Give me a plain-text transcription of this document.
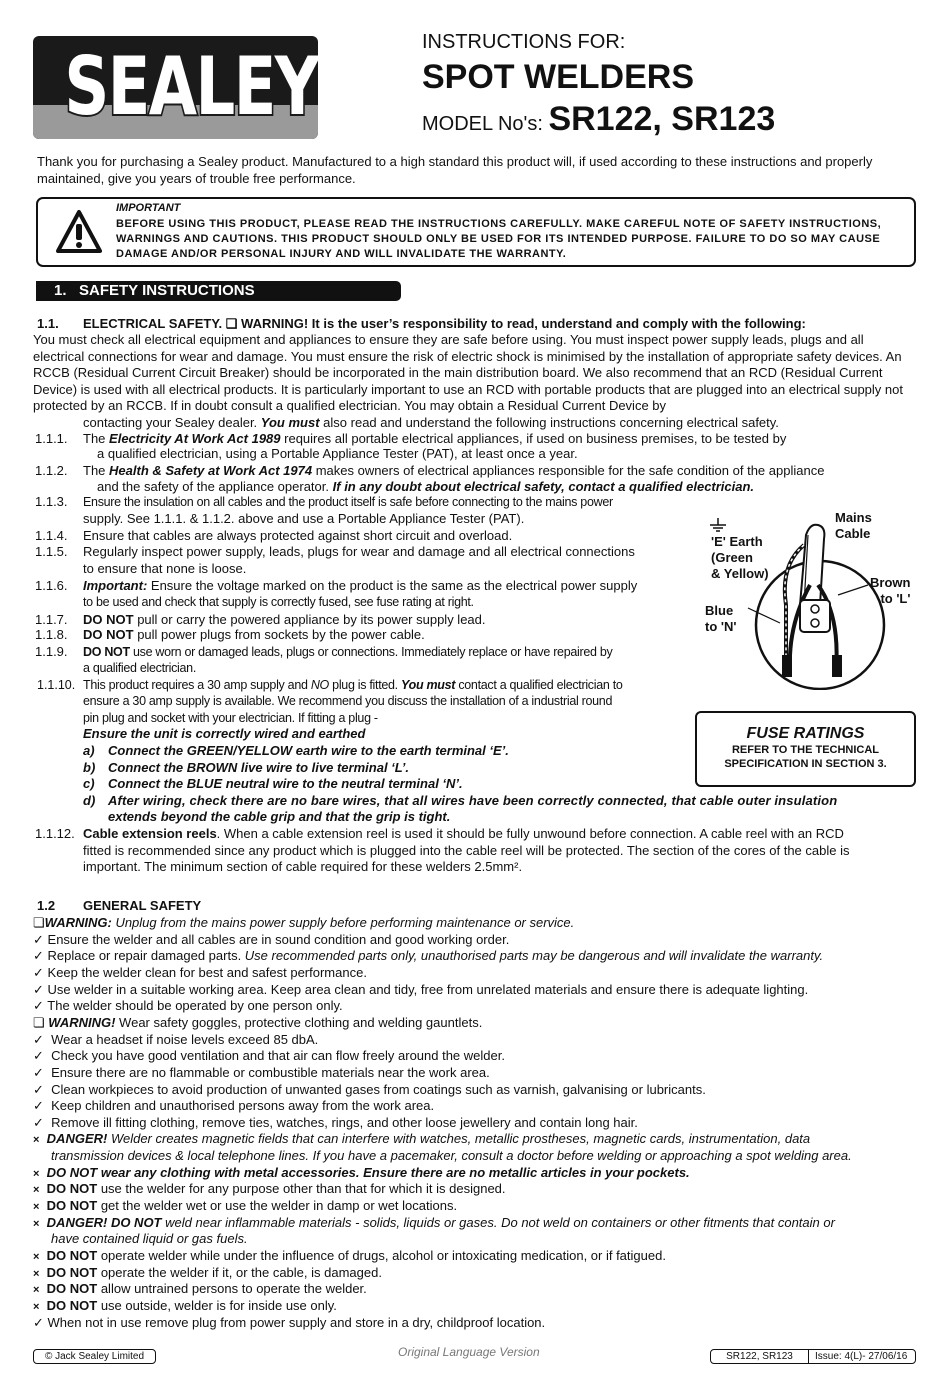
SEALEY	INSTRUCTIONS FOR:
SPOT WELDERS
MODEL No's: SR122, SR123
Thank you for purchasing a Sealey product. Manufactured to a high standard this product will, if used according to these instructions and properly maintained, give you years of trouble free performance.
IMPORTANT
BEFORE USING THIS PRODUCT, PLEASE READ THE INSTRUCTIONS CAREFULLY. MAKE CAREFUL NOTE OF SAFETY INSTRUCTIONS, WARNINGS AND CAUTIONS. THIS PRODUCT SHOULD ONLY BE USED FOR ITS INTENDED PURPOSE. FAILURE TO DO SO MAY CAUSE DAMAGE AND/OR PERSONAL INJURY AND WILL INVALIDATE THE WARRANTY.
1.   SAFETY INSTRUCTIONS
1.1. ELECTRICAL SAFETY. ❏ WARNING! It is the user’s responsibility to read, understand and comply with the following:
You must check all electrical equipment and appliances to ensure they are safe before using. You must inspect power supply leads, plugs and all electrical connections for wear and damage. You must ensure the risk of electric shock is minimised by the installation of appropriate safety devices. An RCCB (Residual Current Circuit Breaker) should be incorporated in the main distribution board. We also recommend that an RCD (Residual Current Device) is used with all electrical products. It is particularly important to use an RCD with portable products that are plugged into an electrical supply not protected by an RCCB. If in doubt consult a qualified electrician. You may obtain a Residual Current Device by
contacting your Sealey dealer. You must also read and understand the following instructions concerning electrical safety.
1.1.1. The Electricity At Work Act 1989 requires all portable electrical appliances, if used on business premises, to be tested by
a qualified electrician, using a Portable Appliance Tester (PAT), at least once a year.
1.1.2. The Health & Safety at Work Act 1974 makes owners of electrical appliances responsible for the safe condition of the appliance
and the safety of the appliance operator. If in any doubt about electrical safety, contact a qualified electrician.
1.1.3. Ensure the insulation on all cables and the product itself is safe before connecting to the mains power
supply. See 1.1.1. & 1.1.2. above and use a Portable Appliance Tester (PAT).
1.1.4. Ensure that cables are always protected against short circuit and overload.
1.1.5. Regularly inspect power supply, leads, plugs for wear and damage and all electrical connections
to ensure that none is loose.
1.1.6. Important: Ensure the voltage marked on the product is the same as the electrical power supply
to be used and check that supply is correctly fused, see fuse rating at right.
1.1.7. DO NOT pull or carry the powered appliance by its power supply lead.
1.1.8. DO NOT pull power plugs from sockets by the power cable.
1.1.9. DO NOT use worn or damaged leads, plugs or connections. Immediately replace or have repaired by
a qualified electrician.
1.1.10. This product requires a 30 amp supply and NO plug is fitted. You must contact a qualified electrician to
ensure a 30 amp supply is available. We recommend you discuss the installation of a industrial round
pin plug and socket with your electrician. If fitting a plug -
Ensure the unit is correctly wired and earthed
a) Connect the GREEN/YELLOW earth wire to the earth terminal ‘E’.
b) Connect the BROWN live wire to live terminal ‘L’.
c) Connect the BLUE neutral wire to the neutral terminal ‘N’.
d) After wiring, check there are no bare wires, that all wires have been correctly connected, that cable outer insulation
extends beyond the cable grip and that the grip is tight.
1.1.12. Cable extension reels. When a cable extension reel is used it should be fully unwound before connection. A cable reel with an RCD
fitted is recommended since any product which is plugged into the cable reel will be protected. The section of the cores of the cable is
important. The minimum section of cable required for these welders 2.5mm².
'E' Earth
(Green
& Yellow)
Mains
Cable
Brown
to 'L'
Blue
to 'N'
FUSE RATINGS
REFER TO THE TECHNICAL
SPECIFICATION IN SECTION 3.
1.2 GENERAL SAFETY
❏WARNING: Unplug from the mains power supply before performing maintenance or service.
✓ Ensure the welder and all cables are in sound condition and good working order.
✓ Replace or repair damaged parts. Use recommended parts only, unauthorised parts may be dangerous and will invalidate the warranty.
✓ Keep the welder clean for best and safest performance.
✓ Use welder in a suitable working area. Keep area clean and tidy, free from unrelated materials and ensure there is adequate lighting.
✓ The welder should be operated by one person only.
❏ WARNING! Wear safety goggles, protective clothing and welding gauntlets.
✓  Wear a headset if noise levels exceed 85 dbA.
✓  Check you have good ventilation and that air can flow freely around the welder.
✓  Ensure there are no flammable or combustible materials near the work area.
✓  Clean workpieces to avoid production of unwanted gases from coatings such as varnish, galvanising or lubricants.
✓  Keep children and unauthorised persons away from the work area.
✓  Remove ill fitting clothing, remove ties, watches, rings, and other loose jewellery and contain long hair.
×  DANGER! Welder creates magnetic fields that can interfere with watches, metallic prostheses, magnetic cards, instrumentation, data
transmission devices & local telephone lines. If you have a pacemaker, consult a doctor before welding or approaching a spot welding area.
×  DO NOT wear any clothing with metal accessories. Ensure there are no metallic articles in your pockets.
×  DO NOT use the welder for any purpose other than that for which it is designed.
×  DO NOT get the welder wet or use the welder in damp or wet locations.
×  DANGER! DO NOT weld near inflammable materials - solids, liquids or gases. Do not weld on containers or other fitments that contain or
have contained liquid or gas fuels.
×  DO NOT operate welder while under the influence of drugs, alcohol or intoxicating medication, or if fatigued.
×  DO NOT operate the welder if it, or the cable, is damaged.
×  DO NOT allow untrained persons to operate the welder.
×  DO NOT use outside, welder is for inside use only.
✓ When not in use remove plug from power supply and store in a dry, childproof location.
© Jack Sealey Limited	Original Language Version	SR122, SR123 Issue: 4(L)- 27/06/16
